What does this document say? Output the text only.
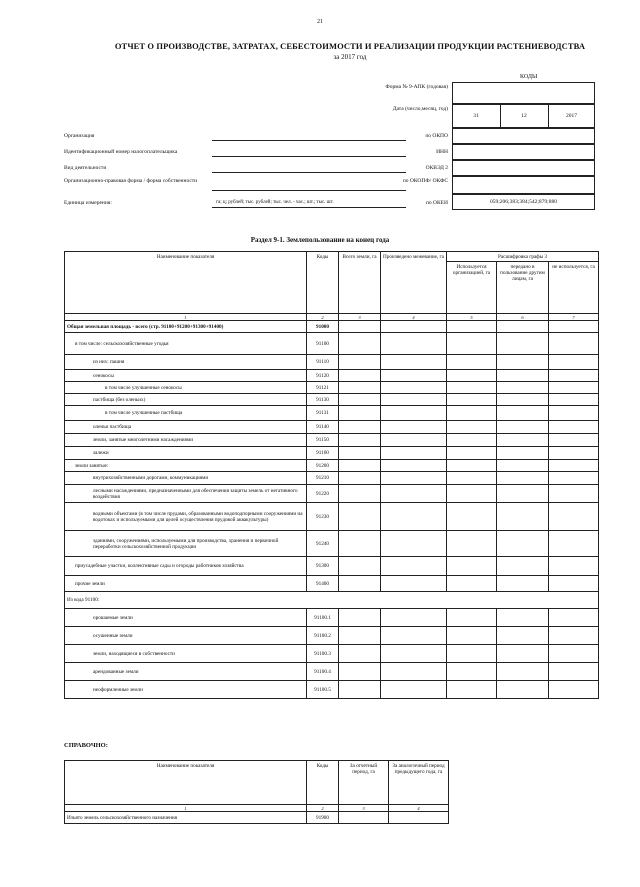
21
ОТЧЕТ О ПРОИЗВОДСТВЕ, ЗАТРАТАХ, СЕБЕСТОИМОСТИ И РЕАЛИЗАЦИИ ПРОДУКЦИИ РАСТЕНИЕВОДСТВА
за 2017 год
КОДЫ
Форма № 9-АПК (годовая)
Дата (число,месяц, год)
31	12	2017
Организация	по ОКПО
Идентификационный номер налогоплательщика	ИНН
Вид деятельности	ОКВЭД 2
Организационно-правовая форма / форма собственности	по ОКОПФ/ ОКФС
Единица измерения:	га; ц; рублей; тыс. рублей; тыс. чел. - час.; шт.; тыс. шт.	по ОКЕИ	059;206;383;384;542;879;880
Раздел 9-1. Землепользование на конец года
Наименование показателя	Коды	Всего земли, га	Произведено межевание, га	Расшифровка графы 3		
				Используется организацией, га	передано в пользование другим лицам, га	не используется, га
1	2	3	4	5	6	7
Общая земельная площадь - всего (стр. 91100+91200+91300+91400)	91000					
в том числе: сельскохозяйственные угодья	91100					
из них: пашня	91110					
сенокосы	91120					
в том числе улучшенные сенокосы	91121					
пастбища (без оленьих)	91130					
в том числе улучшенные пастбища	91131					
оленьи пастбища	91140					
земли, занятые многолетними насаждениями	91150					
залежи	91160					
земли занятые:	91200					
внутрихозяйственными дорогами, коммуникациями	91210					
лесными насаждениями, предназначенными для обеспечения защиты земель от негативного воздействия	91220					
водными объектами (в том числе прудами, образованными водоподпорными сооружениями на водотоках и используемыми для целей осуществления прудовой аквакультуры)	91230					
зданиями, сооружениями, используемыми для производства, хранения и первичной переработки сельскохозяйственной продукции	91240					
приусадебные участки, коллективные сады и огороды работников хозяйства	91300					
прочие земли	91400					
Из кода 91100:						
орошаемые земли	91100.1					
осушенные земли	91100.2					
земли, находящиеся в собственности	91100.3					
арендованные земли	91100.4					
неоформленные земли	91100.5					
СПРАВОЧНО:
Наименование показателя	Коды	За отчетный период, га	За аналогичный период предыдущего года, га
1	2	3	4
Изъято земель сельскохозяйственного назначения	91900		
